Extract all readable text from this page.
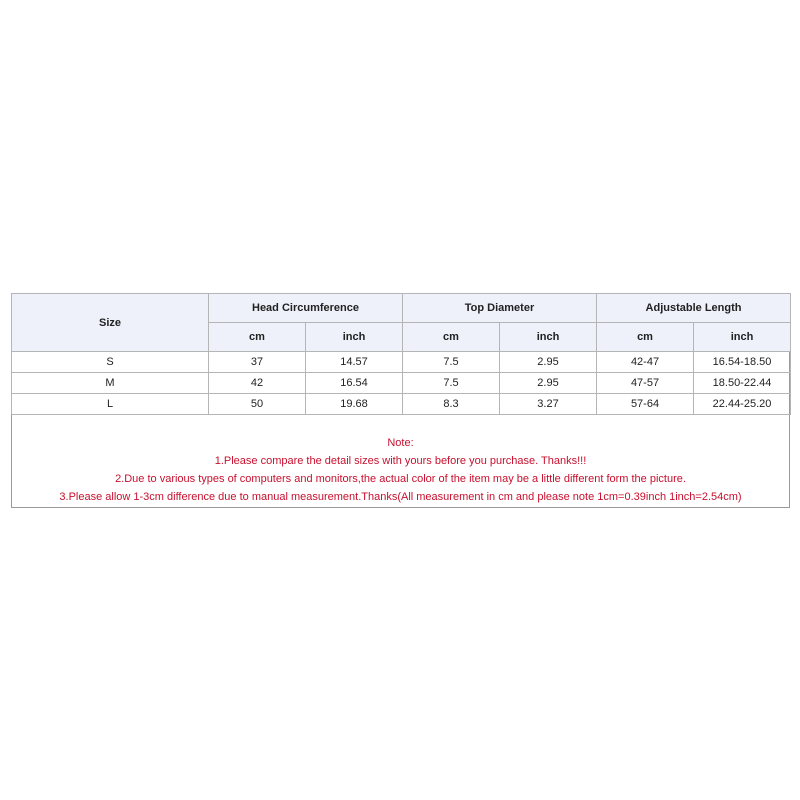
Size	Head Circumference		Top Diameter		Adjustable Length	
	cm	inch	cm	inch	cm	inch
S	37	14.57	7.5	2.95	42-47	16.54-18.50
M	42	16.54	7.5	2.95	47-57	18.50-22.44
L	50	19.68	8.3	3.27	57-64	22.44-25.20
Note:
1.Please compare the detail sizes with yours before you purchase. Thanks!!!
2.Due to various types of computers and monitors,the actual color of the item may be a little different form the picture.
3.Please allow 1-3cm difference due to manual measurement.Thanks(All measurement in cm and please note 1cm=0.39inch 1inch=2.54cm)
